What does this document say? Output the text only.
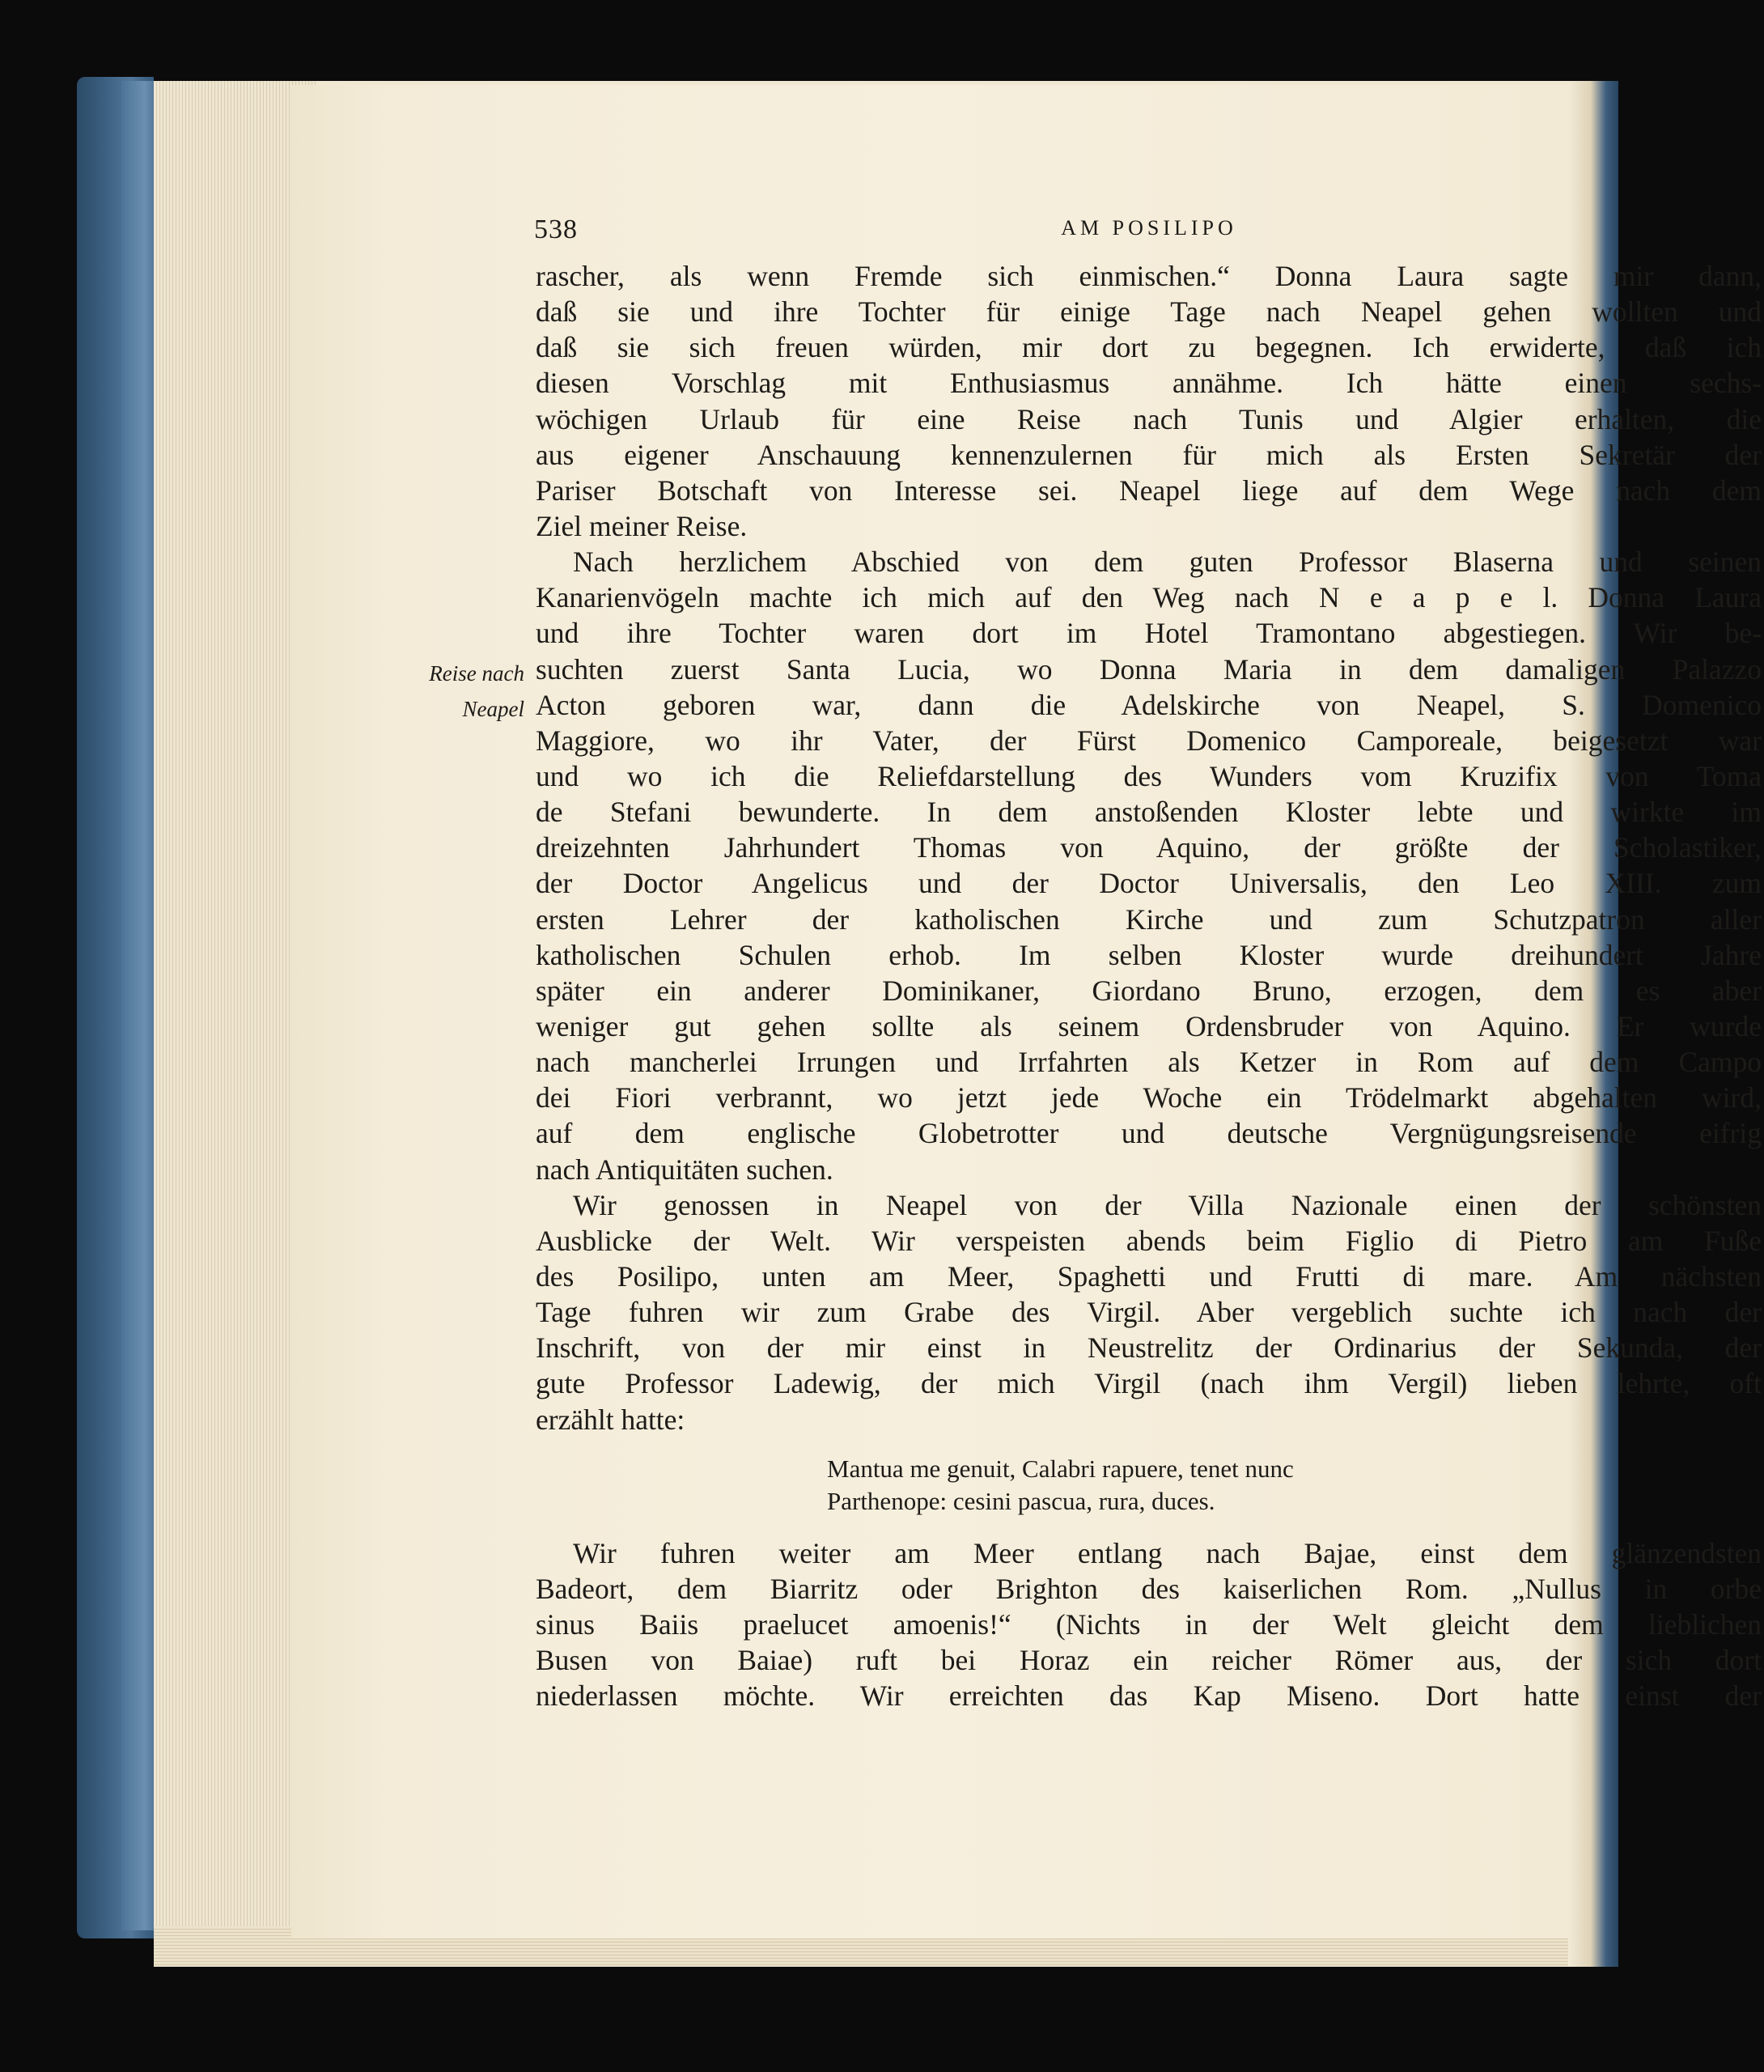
538	AM POSILIPO
Reise nach
Neapel
rascher, als wenn Fremde sich einmischen.“ Donna Laura sagte mir dann,
daß sie und ihre Tochter für einige Tage nach Neapel gehen wollten und
daß sie sich freuen würden, mir dort zu begegnen. Ich erwiderte, daß ich
diesen Vorschlag mit Enthusiasmus annähme. Ich hätte einen sechs-
wöchigen Urlaub für eine Reise nach Tunis und Algier erhalten, die
aus eigener Anschauung kennenzulernen für mich als Ersten Sekretär der
Pariser Botschaft von Interesse sei. Neapel liege auf dem Wege nach dem
Ziel meiner Reise.
Nach herzlichem Abschied von dem guten Professor Blaserna und seinen
Kanarienvögeln machte ich mich auf den Weg nach N e a p e l. Donna Laura
und ihre Tochter waren dort im Hotel Tramontano abgestiegen. Wir be-
suchten zuerst Santa Lucia, wo Donna Maria in dem damaligen Palazzo
Acton geboren war, dann die Adelskirche von Neapel, S. Domenico
Maggiore, wo ihr Vater, der Fürst Domenico Camporeale, beigesetzt war
und wo ich die Reliefdarstellung des Wunders vom Kruzifix von Toma
de Stefani bewunderte. In dem anstoßenden Kloster lebte und wirkte im
dreizehnten Jahrhundert Thomas von Aquino, der größte der Scholastiker,
der Doctor Angelicus und der Doctor Universalis, den Leo XIII. zum
ersten Lehrer der katholischen Kirche und zum Schutzpatron aller
katholischen Schulen erhob. Im selben Kloster wurde dreihundert Jahre
später ein anderer Dominikaner, Giordano Bruno, erzogen, dem es aber
weniger gut gehen sollte als seinem Ordensbruder von Aquino. Er wurde
nach mancherlei Irrungen und Irrfahrten als Ketzer in Rom auf dem Campo
dei Fiori verbrannt, wo jetzt jede Woche ein Trödelmarkt abgehalten wird,
auf dem englische Globetrotter und deutsche Vergnügungsreisende eifrig
nach Antiquitäten suchen.
Wir genossen in Neapel von der Villa Nazionale einen der schönsten
Ausblicke der Welt. Wir verspeisten abends beim Figlio di Pietro am Fuße
des Posilipo, unten am Meer, Spaghetti und Frutti di mare. Am nächsten
Tage fuhren wir zum Grabe des Virgil. Aber vergeblich suchte ich nach der
Inschrift, von der mir einst in Neustrelitz der Ordinarius der Sekunda, der
gute Professor Ladewig, der mich Virgil (nach ihm Vergil) lieben lehrte, oft
erzählt hatte:
Mantua me genuit, Calabri rapuere, tenet nunc
Parthenope: cesini pascua, rura, duces.
Wir fuhren weiter am Meer entlang nach Bajae, einst dem glänzendsten
Badeort, dem Biarritz oder Brighton des kaiserlichen Rom. „Nullus in orbe
sinus Baiis praelucet amoenis!“ (Nichts in der Welt gleicht dem lieblichen
Busen von Baiae) ruft bei Horaz ein reicher Römer aus, der sich dort
niederlassen möchte. Wir erreichten das Kap Miseno. Dort hatte einst der
